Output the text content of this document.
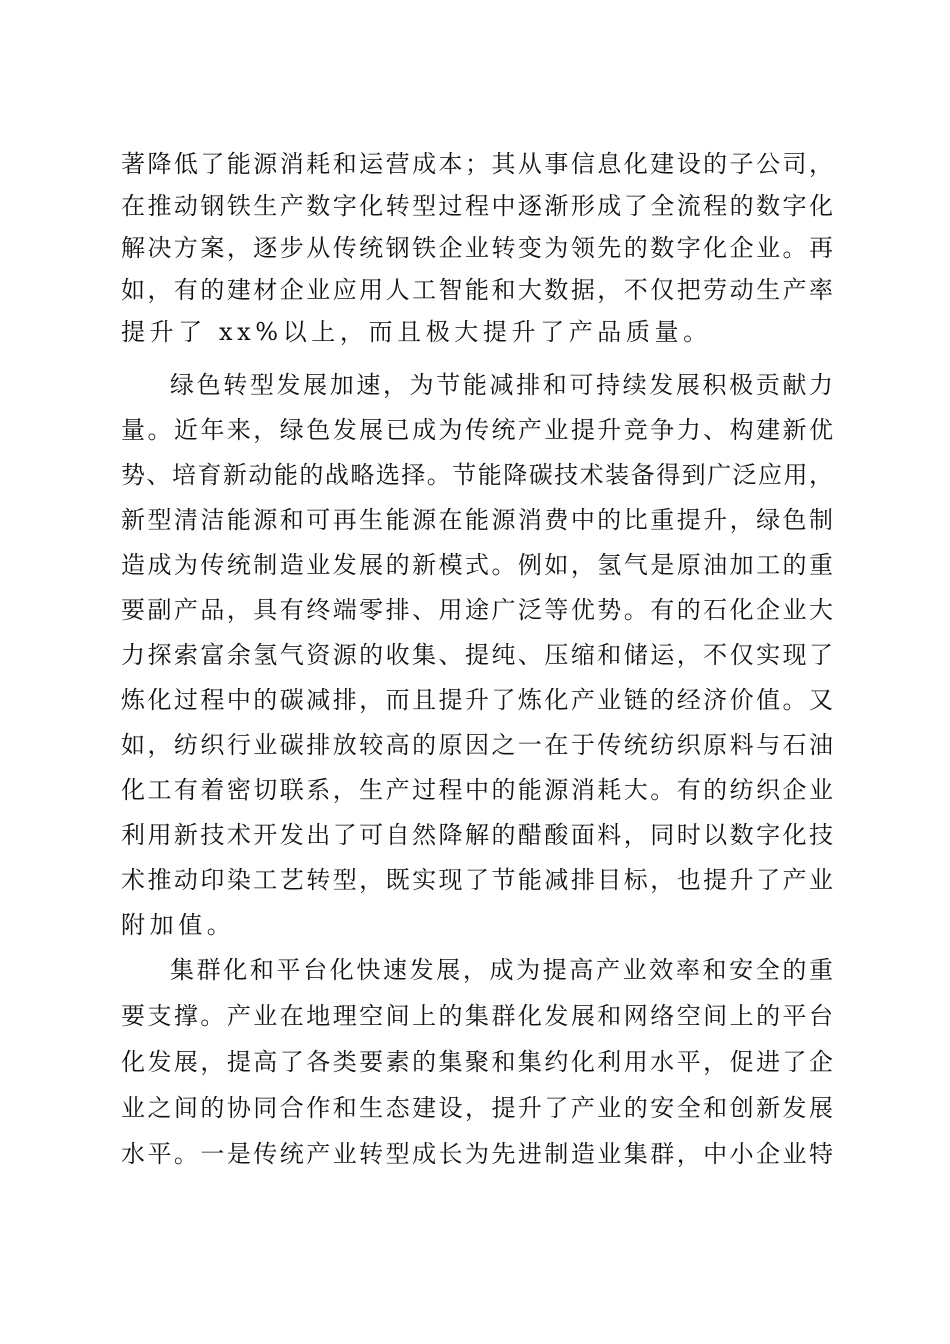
著降低了能源消耗和运营成本；其从事信息化建设的子公司，
在推动钢铁生产数字化转型过程中逐渐形成了全流程的数字化
解决方案，逐步从传统钢铁企业转变为领先的数字化企业。再
如，有的建材企业应用人工智能和大数据，不仅把劳动生产率
提升了 xx%以上，而且极大提升了产品质量。
绿色转型发展加速，为节能减排和可持续发展积极贡献力
量。近年来，绿色发展已成为传统产业提升竞争力、构建新优
势、培育新动能的战略选择。节能降碳技术装备得到广泛应用，
新型清洁能源和可再生能源在能源消费中的比重提升，绿色制
造成为传统制造业发展的新模式。例如，氢气是原油加工的重
要副产品，具有终端零排、用途广泛等优势。有的石化企业大
力探索富余氢气资源的收集、提纯、压缩和储运，不仅实现了
炼化过程中的碳减排，而且提升了炼化产业链的经济价值。又
如，纺织行业碳排放较高的原因之一在于传统纺织原料与石油
化工有着密切联系，生产过程中的能源消耗大。有的纺织企业
利用新技术开发出了可自然降解的醋酸面料，同时以数字化技
术推动印染工艺转型，既实现了节能减排目标，也提升了产业
附加值。
集群化和平台化快速发展，成为提高产业效率和安全的重
要支撑。产业在地理空间上的集群化发展和网络空间上的平台
化发展，提高了各类要素的集聚和集约化利用水平，促进了企
业之间的协同合作和生态建设，提升了产业的安全和创新发展
水平。一是传统产业转型成长为先进制造业集群，中小企业特
